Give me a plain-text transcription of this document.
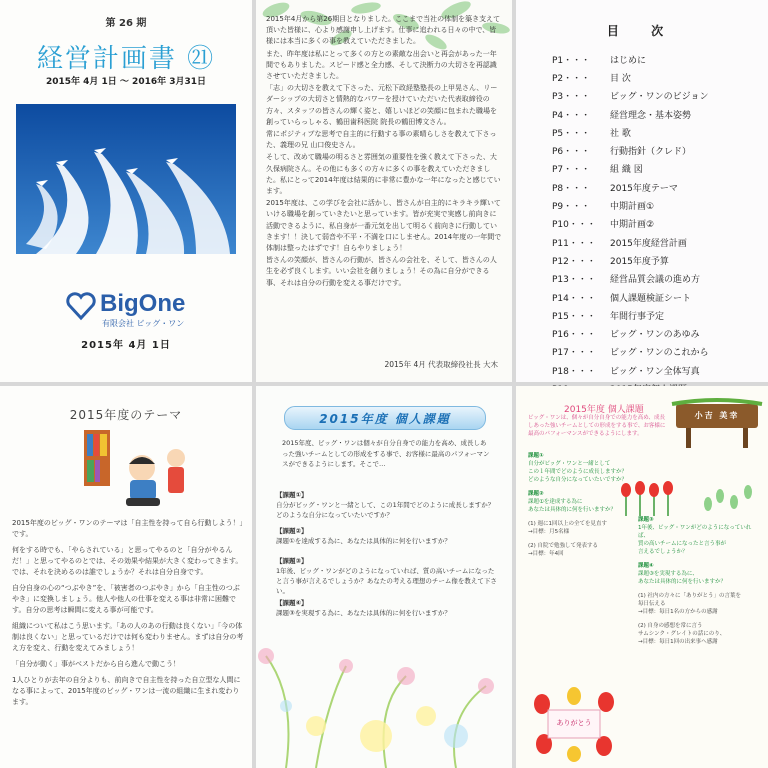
第 26 期
経営計画書 ㉑
2015年 4月 1日 ～ 2016年 3月31日
BigOne
有限会社 ビッグ・ワン
2015年 4月 1日

2015年4月から第26期目となりました。ここまで当社の体制を築き支えて頂いた皆様に、心より感謝申し上げます。仕事に追われる日々の中で、皆様には本当に多くの事を教えていただきました。

また、昨年度は私にとって多くの方との素敵な出会いと再会があった一年間でもありました。スピード感と全力感、そして決断力の大切さを再認識させていただきました。

「志」の大切さを教えて下さった、元松下政経塾塾長の上甲晃さん、リーダーシップの大切さと情熱的なパワーを授けていただいた代表取締役の方々、スタッフの皆さんの輝く姿と、嬉しいほどの笑顔に包まれた職場を創っていらっしゃる、鶴田歯科医院 院長の鶴田博文さん。

常にポジティブな思考で自主的に行動する事の素晴らしさを教えて下さった、義理の兄 山口俊史さん。

そして、改めて職場の明るさと雰囲気の重要性を強く教えて下さった、大久保病院さん。その他にも多くの方々に多くの事を教えていただきました。私にとって2014年度は結果的に非常に豊かな一年になったと感じています。

2015年度は、この学びを会社に活かし、皆さんが自主的にキラキラ輝いていける職場を創っていきたいと思っています。皆が充実で実感し前向きに活動できるように、私自身が一番元気を出して明るく前向きに行動していきます！！決して弱音や不平・不満を口にしません。2014年度の一年間で体制は整ったはずです！自らやりましょう！

皆さんの笑顔が、皆さんの行動が、皆さんの会社を、そして、皆さんの人生を必ず良くします。いい会社を創りましょう！その為に自分ができる事、それは自分の行動を変える事だけです。

2015年 4月 代表取締役社長 大木
目 次
P1・・・	はじめに
P2・・・	目 次
P3・・・	ビッグ・ワンのビジョン
P4・・・	経営理念・基本姿勢
P5・・・	社 歌
P6・・・	行動指針（クレド）
P7・・・	組 織 図
P8・・・	2015年度テーマ
P9・・・	中期計画①
P10・・・	中期計画②
P11・・・	2015年度経営計画
P12・・・	2015年度予算
P13・・・	経営品質会議の進め方
P14・・・	個人課題検証シート
P15・・・	年間行事予定
P16・・・	ビッグ・ワンのあゆみ
P17・・・	ビッグ・ワンのこれから
P18・・・	ビッグ・ワン全体写真
2015年度のテーマ

2015年度のビッグ・ワンのテーマは「自主性を持って自ら行動しよう！」です。

何をする時でも、「やらされている」と思ってやるのと「自分がやるんだ！」と思ってやるのとでは、その効果や結果が大きく変わってきます。では、それを決めるのは誰でしょうか？それは自分自身です。

自分自身の心の“つぶやき”を、「被害者のつぶやき」から「自主性のつぶやき」に変換しましょう。他人や他人の仕事を変える事は非常に困難です。自分の思考は瞬間に変える事が可能です。

組織について私はこう思います。「あの人のあの行動は良くない」「今の体制は良くない」と思っているだけでは何も変わりません。まずは自分の考え方を変え、行動を変えてみましょう！

「自分が動く」事がベストだから自ら進んで動こう！

1人ひとりが去年の自分よりも、前向きで自主性を持った自立型な人間になる事によって、2015年度のビッグ・ワンは一流の組織に生まれ変わります。

2015年度 個人課題
2015年度、ビッグ・ワンは個々が自分自身での能力を高め、成長しあった強いチームとしての形成をする事で、お客様に最高のパフォーマンスができるようにします。そこで…
【課題①】
自分がビッグ・ワンと一緒として、この1年間でどのように成長しますか？どのような自分になっていたいですか？
【課題②】
課題①を達成する為に、あなたは具体的に何を行いますか？
【課題③】
1年後、ビッグ・ワンがどのようになっていれば、質の高いチームになったと言う事が言えるでしょうか？あなたの考える理想のチーム像を教えて下さい。
【課題④】
課題③を実現する為に、あなたは具体的に何を行いますか？
2015年度 個人課題
ビッグ・ワンは、個々が自分自身での能力を高め、成長しあった強いチームとしての形成をする事で、お客様に最高のパフォーマンスができるようにします。
小吉 美幸
課題①
自分がビッグ・ワンと一緒として
この１年間でどのように成長しますか？
どのような自分になっていたいですか？
課題②
課題①を達成する為に
あなたは具体的に何を行いますか？
(1) 週に1回以上の全てを見直す
→目標：月5名様
(2) 自院で勉強して発表する
→目標：年4回
課題③
1年後、ビッグ・ワンがどのようになっていれば、
質の高いチームになったと言う事が
言えるでしょうか？
課題④
課題③を実現する為に、
あなたは具体的に何を行いますか？
(1) 社内の方々に「ありがとう」の言葉を
毎日伝える
→目標：毎日1名の方からの感謝
(2) 自身の感想を常に言う
サムシンク・グレイトの話にのり、
→目標：毎日1回の出来事へ感謝
ありがとう
